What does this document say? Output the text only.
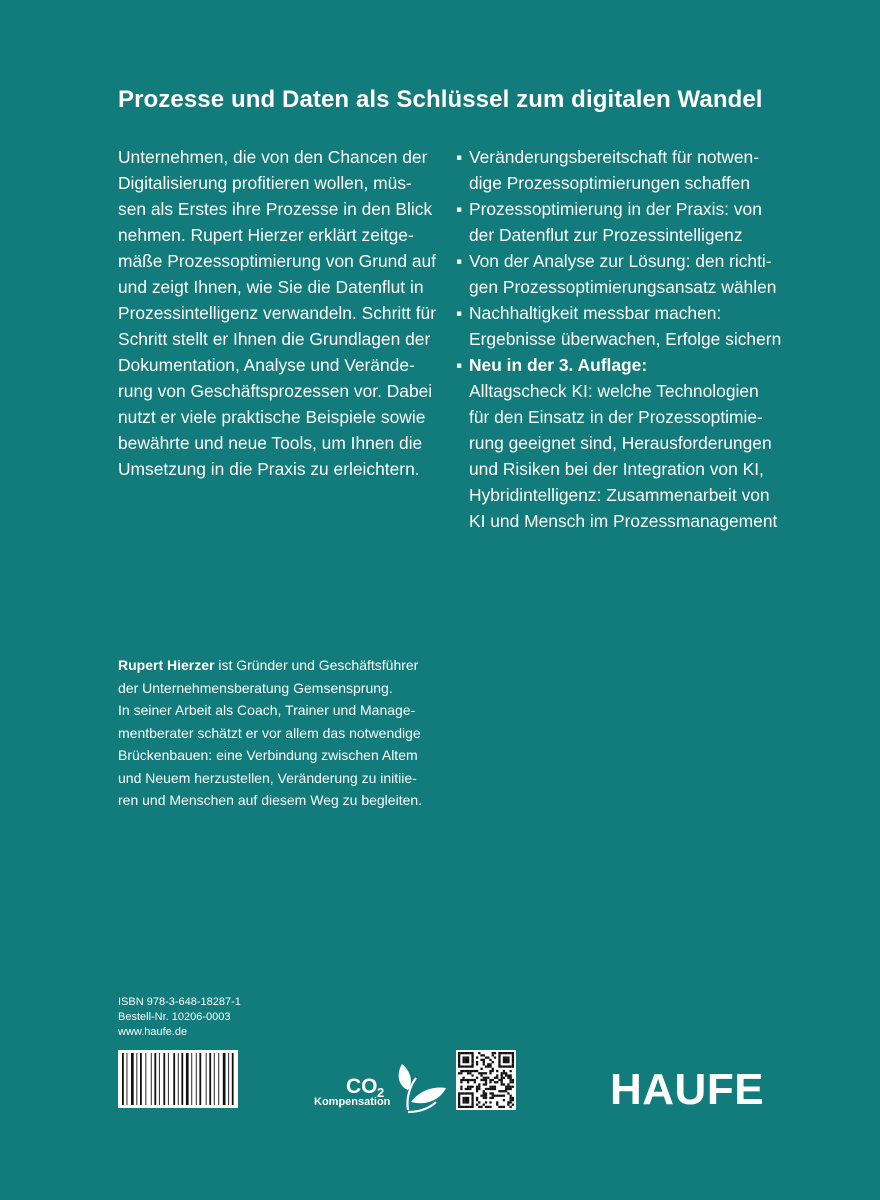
Prozesse und Daten als Schlüssel zum digitalen Wandel

Unternehmen, die von den Chancen der

Digitalisierung profitieren wollen, müs-

sen als Erstes ihre Prozesse in den Blick

nehmen. Rupert Hierzer erklärt zeitge-

mäße Prozessoptimierung von Grund auf

und zeigt Ihnen, wie Sie die Datenflut in

Prozessintelligenz verwandeln. Schritt für

Schritt stellt er Ihnen die Grundlagen der

Dokumentation, Analyse und Verände-

rung von Geschäftsprozessen vor. Dabei

nutzt er viele praktische Beispiele sowie

bewährte und neue Tools, um Ihnen die

Umsetzung in die Praxis zu erleichtern.

▪ Veränderungsbereitschaft für notwen-
dige Prozessoptimierungen schaffen
▪ Prozessoptimierung in der Praxis: von
der Datenflut zur Prozessintelligenz
▪ Von der Analyse zur Lösung: den richti-
gen Prozessoptimierungsansatz wählen
▪ Nachhaltigkeit messbar machen:
Ergebnisse überwachen, Erfolge sichern
▪ Neu in der 3. Auflage:
Alltagscheck KI: welche Technologien
für den Einsatz in der Prozessoptimie-
rung geeignet sind, Herausforderungen
und Risiken bei der Integration von KI,
Hybridintelligenz: Zusammenarbeit von
KI und Mensch im Prozessmanagement
Rupert Hierzer ist Gründer und Geschäftsführer
der Unternehmensberatung Gemsensprung.
In seiner Arbeit als Coach, Trainer und Manage-
mentberater schätzt er vor allem das notwendige
Brückenbauen: eine Verbindung zwischen Altem
und Neuem herzustellen, Veränderung zu initiie-
ren und Menschen auf diesem Weg zu begleiten.
ISBN 978-3-648-18287-1
Bestell-Nr. 10206-0003
www.haufe.de
CO 2
Kompensation	HAUFE
